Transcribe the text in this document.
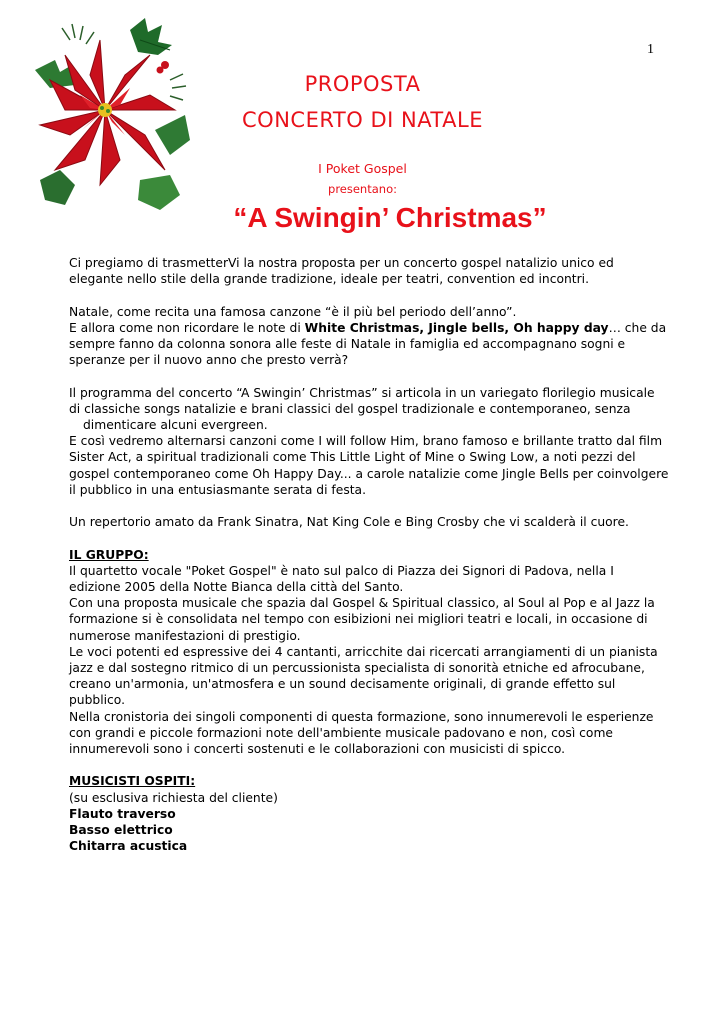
1
PROPOSTA
CONCERTO DI NATALE
I Poket Gospel
presentano:
“A Swingin’ Christmas”

Ci pregiamo di trasmetterVi la nostra proposta per un concerto gospel natalizio unico ed elegante nello stile della grande tradizione, ideale per teatri, convention ed incontri.

Natale, come recita una famosa canzone “è il più bel periodo dell’anno”.

E allora come non ricordare le note di White Christmas, Jingle bells, Oh happy day… che da sempre fanno da colonna sonora alle feste di Natale in famiglia ed accompagnano sogni e speranze per il nuovo anno che presto verrà?

Il programma del concerto “A Swingin’ Christmas” si articola in un variegato florilegio musicale di classiche songs natalizie e brani classici del gospel tradizionale e contemporaneo, senza

dimenticare alcuni evergreen.

E così vedremo alternarsi canzoni come I will follow Him, brano famoso e brillante tratto dal film Sister Act, a spiritual tradizionali come This Little Light of Mine o Swing Low, a noti pezzi del gospel contemporaneo come Oh Happy Day... a carole natalizie come Jingle Bells per coinvolgere il pubblico in una entusiasmante serata di festa.

Un repertorio amato da Frank Sinatra, Nat King Cole e Bing Crosby che vi scalderà il cuore.

IL GRUPPO:

Il quartetto vocale "Poket Gospel" è nato sul palco di Piazza dei Signori di Padova, nella I edizione 2005 della Notte Bianca della città del Santo.

Con una proposta musicale che spazia dal Gospel & Spiritual classico, al Soul al Pop e al Jazz la formazione si è consolidata nel tempo con esibizioni nei migliori teatri e locali, in occasione di numerose manifestazioni di prestigio.

Le voci potenti ed espressive dei 4 cantanti, arricchite dai ricercati arrangiamenti di un pianista jazz e dal sostegno ritmico di un percussionista specialista di sonorità etniche ed afrocubane, creano un'armonia, un'atmosfera e un sound decisamente originali, di grande effetto sul pubblico.

Nella cronistoria dei singoli componenti di questa formazione, sono innumerevoli le esperienze con grandi e piccole formazioni note dell'ambiente musicale padovano e non, così come innumerevoli sono i concerti sostenuti e le collaborazioni con musicisti di spicco.

MUSICISTI OSPITI:

(su esclusiva richiesta del cliente)

Flauto traverso

Basso elettrico

Chitarra acustica
